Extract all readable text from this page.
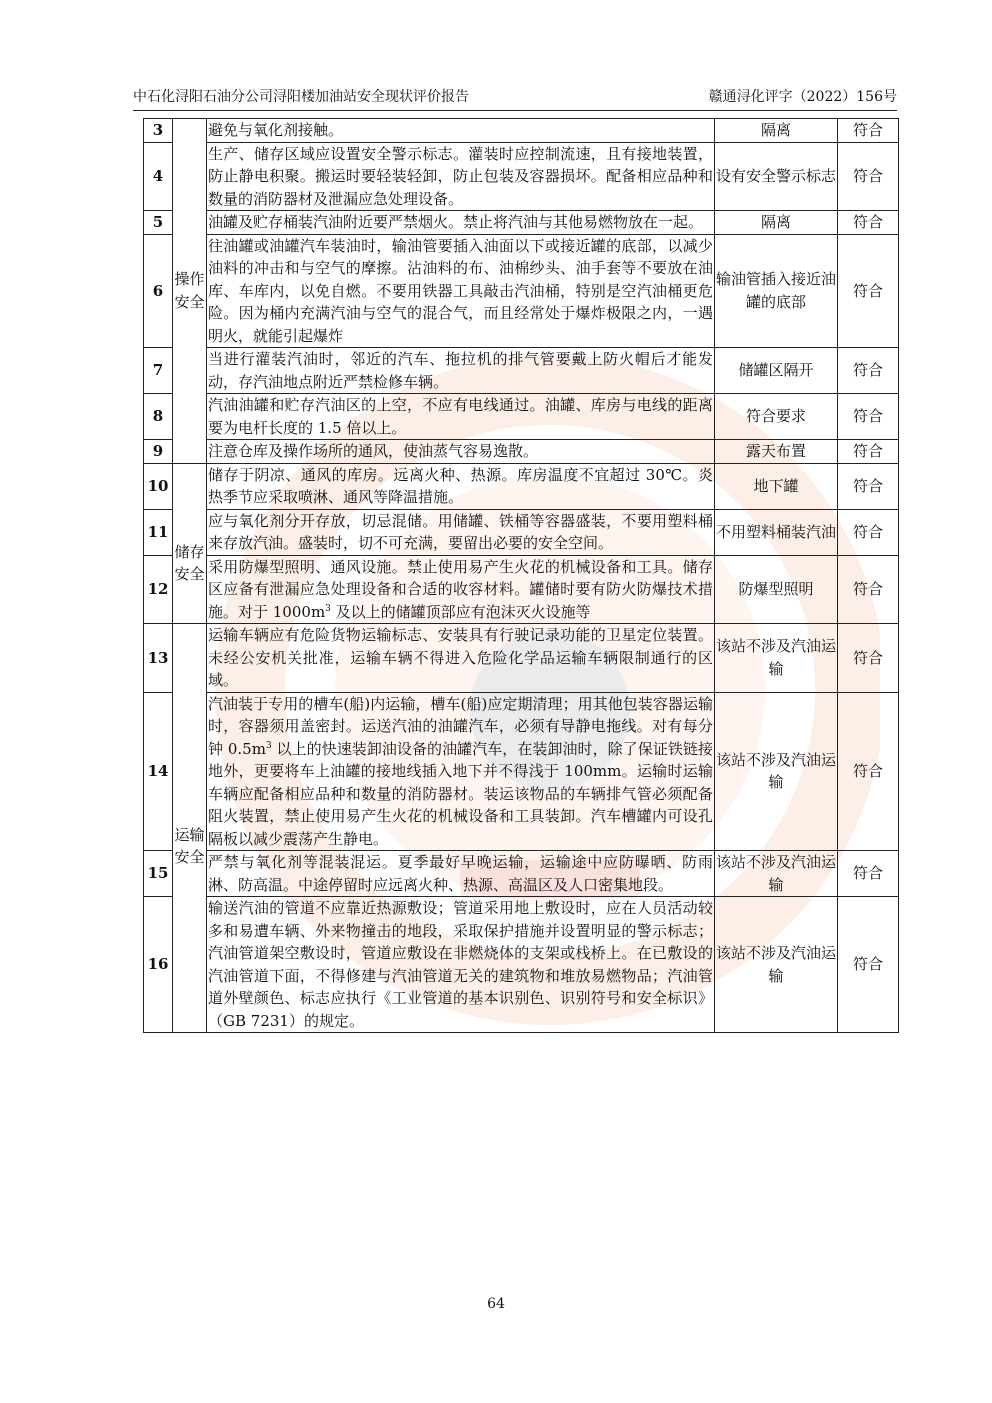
中石化浔阳石油分公司浔阳楼加油站安全现状评价报告	赣通浔化评字（2022）156号
3	操作安全	避免与氧化剂接触。	隔离	符合
4		生产、储存区域应设置安全警示标志。灌装时应控制流速，且有接地装置，防止静电积聚。搬运时要轻装轻卸，防止包装及容器损坏。配备相应品种和数量的消防器材及泄漏应急处理设备。	设有安全警示标志	符合
5		油罐及贮存桶装汽油附近要严禁烟火。禁止将汽油与其他易燃物放在一起。	隔离	符合
6		往油罐或油罐汽车装油时，输油管要插入油面以下或接近罐的底部，以减少油料的冲击和与空气的摩擦。沾油料的布、油棉纱头、油手套等不要放在油库、车库内，以免自燃。不要用铁器工具敲击汽油桶，特别是空汽油桶更危险。因为桶内充满汽油与空气的混合气，而且经常处于爆炸极限之内，一遇明火，就能引起爆炸	输油管插入接近油罐的底部	符合
7		当进行灌装汽油时，邻近的汽车、拖拉机的排气管要戴上防火帽后才能发动，存汽油地点附近严禁检修车辆。	储罐区隔开	符合
8		汽油油罐和贮存汽油区的上空，不应有电线通过。油罐、库房与电线的距离要为电杆长度的 1.5 倍以上。	符合要求	符合
9		注意仓库及操作场所的通风，使油蒸气容易逸散。	露天布置	符合
10	储存安全	储存于阴凉、通风的库房。远离火种、热源。库房温度不宜超过 30℃。炎热季节应采取喷淋、通风等降温措施。	地下罐	符合
11		应与氧化剂分开存放，切忌混储。用储罐、铁桶等容器盛装，不要用塑料桶来存放汽油。盛装时，切不可充满，要留出必要的安全空间。	不用塑料桶装汽油	符合
12		采用防爆型照明、通风设施。禁止使用易产生火花的机械设备和工具。储存区应备有泄漏应急处理设备和合适的收容材料。罐储时要有防火防爆技术措施。对于 $1000m^3$ 及以上的储罐顶部应有泡沫灭火设施等	防爆型照明	符合
13	运输安全	运输车辆应有危险货物运输标志、安装具有行驶记录功能的卫星定位装置。未经公安机关批准，运输车辆不得进入危险化学品运输车辆限制通行的区域。	该站不涉及汽油运输	符合
14		汽油装于专用的槽车(船)内运输，槽车(船)应定期清理；用其他包装容器运输时，容器须用盖密封。运送汽油的油罐汽车，必须有导静电拖线。对有每分钟 $0.5m^3$ 以上的快速装卸油设备的油罐汽车，在装卸油时，除了保证铁链接地外，更要将车上油罐的接地线插入地下并不得浅于 100mm。运输时运输车辆应配备相应品种和数量的消防器材。装运该物品的车辆排气管必须配备阻火装置，禁止使用易产生火花的机械设备和工具装卸。汽车槽罐内可设孔隔板以减少震荡产生静电。	该站不涉及汽油运输	符合
15		严禁与氧化剂等混装混运。夏季最好早晚运输，运输途中应防曝晒、防雨淋、防高温。中途停留时应远离火种、热源、高温区及人口密集地段。	该站不涉及汽油运输	符合
16		输送汽油的管道不应靠近热源敷设；管道采用地上敷设时，应在人员活动较多和易遭车辆、外来物撞击的地段，采取保护措施并设置明显的警示标志；汽油管道架空敷设时，管道应敷设在非燃烧体的支架或栈桥上。在已敷设的汽油管道下面，不得修建与汽油管道无关的建筑物和堆放易燃物品；汽油管道外壁颜色、标志应执行《工业管道的基本识别色、识别符号和安全标识》（GB 7231）的规定。	该站不涉及汽油运输	符合
64
